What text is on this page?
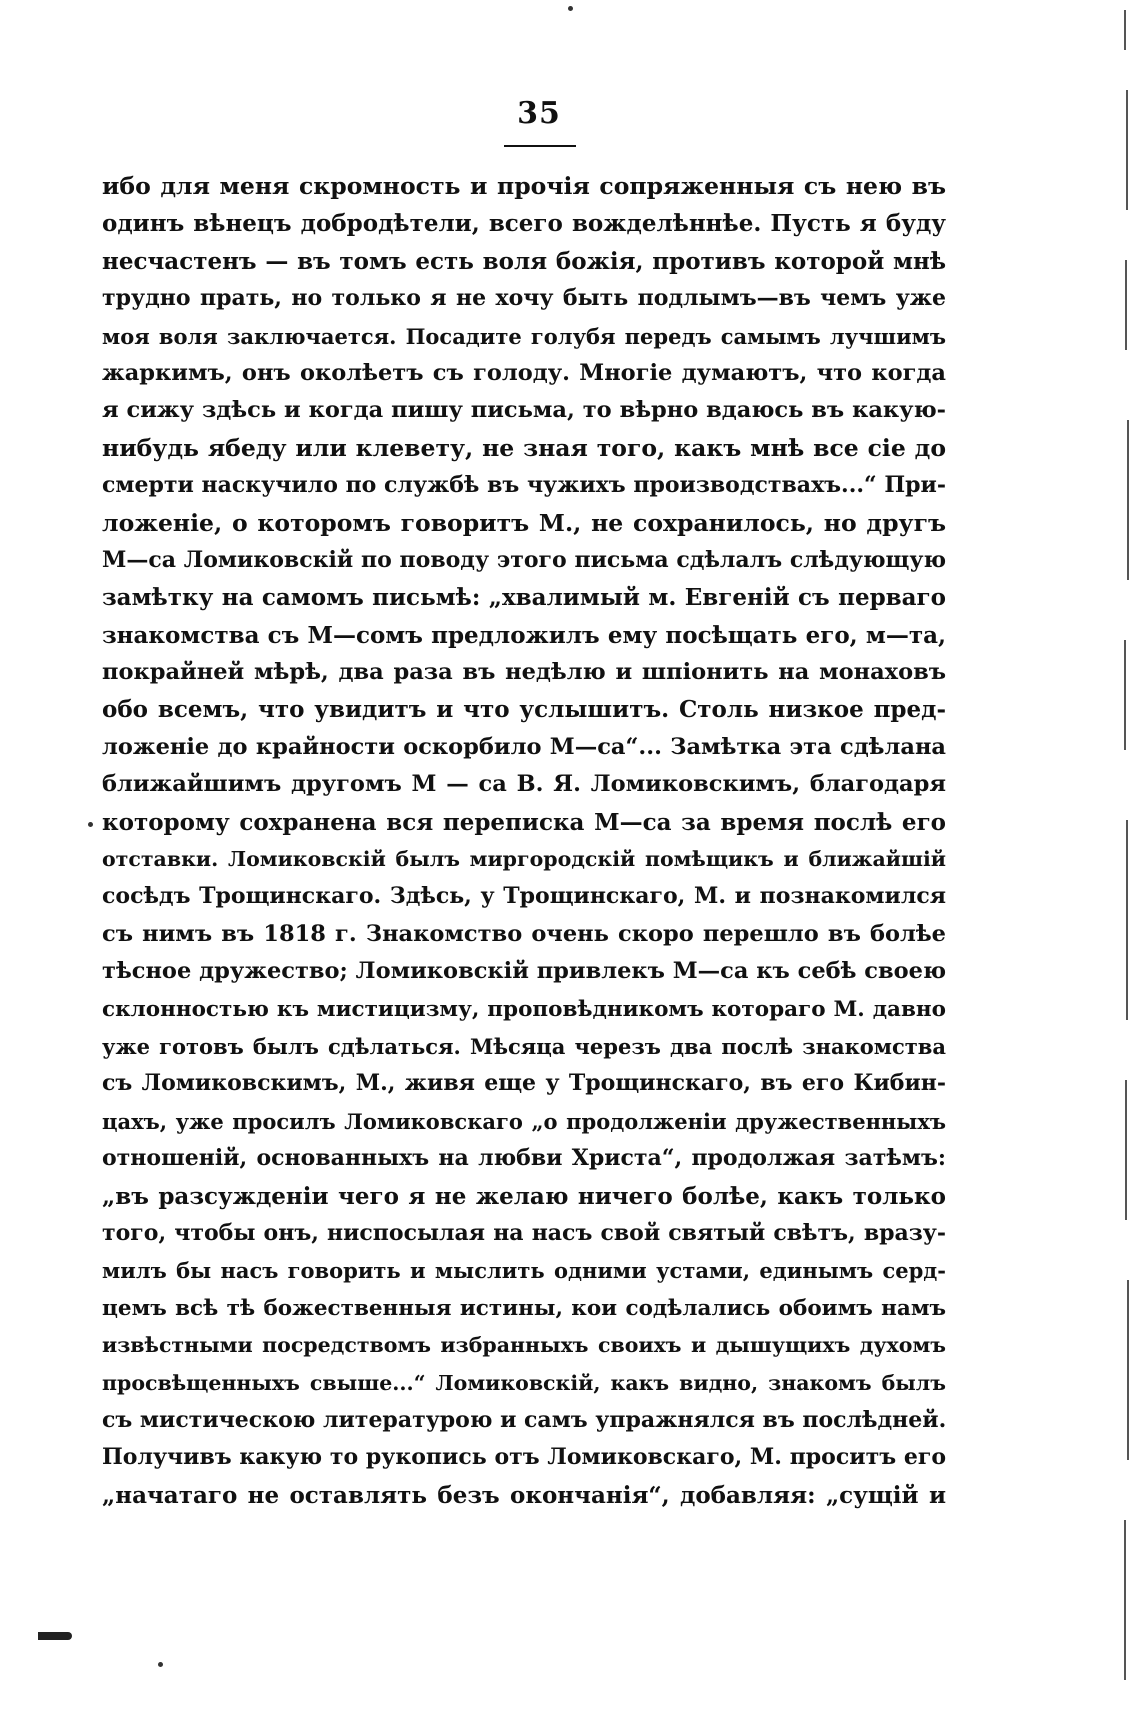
35
ибо для меня скромность и прочія сопряженныя съ нею въ
одинъ вѣнецъ добродѣтели, всего вожделѣннѣе. Пусть я буду
несчастенъ — въ томъ есть воля божія, противъ которой мнѣ
трудно прать, но только я не хочу быть подлымъ—въ чемъ уже
моя воля заключается. Посадите голубя передъ самымъ лучшимъ
жаркимъ, онъ околѣетъ съ голоду. Многіе думаютъ, что когда
я сижу здѣсь и когда пишу письма, то вѣрно вдаюсь въ какую-
нибудь ябеду или клевету, не зная того, какъ мнѣ все сіе до
смерти наскучило по службѣ въ чужихъ производствахъ...“ При-
ложеніе, о которомъ говоритъ М., не сохранилось, но другъ
М—са Ломиковскій по поводу этого письма сдѣлалъ слѣдующую
замѣтку на самомъ письмѣ: „хвалимый м. Евгеній съ перваго
знакомства съ М—сомъ предложилъ ему посѣщать его, м—та,
покрайней мѣрѣ, два раза въ недѣлю и шпіонить на монаховъ
обо всемъ, что увидитъ и что услышитъ. Столь низкое пред-
ложеніе до крайности оскорбило М—са“... Замѣтка эта сдѣлана
ближайшимъ другомъ М — са В. Я. Ломиковскимъ, благодаря
которому сохранена вся переписка М—са за время послѣ его
отставки. Ломиковскій былъ миргородскій помѣщикъ и ближайшій
сосѣдъ Трощинскаго. Здѣсь, у Трощинскаго, М. и познакомился
съ нимъ въ 1818 г. Знакомство очень скоро перешло въ болѣе
тѣсное дружество; Ломиковскій привлекъ М—са къ себѣ своею
склонностью къ мистицизму, проповѣдникомъ котораго М. давно
уже готовъ былъ сдѣлаться. Мѣсяца черезъ два послѣ знакомства
съ Ломиковскимъ, М., живя еще у Трощинскаго, въ его Кибин-
цахъ, уже просилъ Ломиковскаго „о продолженіи дружественныхъ
отношеній, основанныхъ на любви Христа“, продолжая затѣмъ:
„въ разсужденіи чего я не желаю ничего болѣе, какъ только
того, чтобы онъ, ниспосылая на насъ свой святый свѣтъ, вразу-
милъ бы насъ говорить и мыслить одними устами, единымъ серд-
цемъ всѣ тѣ божественныя истины, кои содѣлались обоимъ намъ
извѣстными посредствомъ избранныхъ своихъ и дышущихъ духомъ
просвѣщенныхъ свыше...“ Ломиковскій, какъ видно, знакомъ былъ
съ мистическою литературою и самъ упражнялся въ послѣдней.
Получивъ какую то рукопись отъ Ломиковскаго, М. проситъ его
„начатаго не оставлять безъ окончанія“, добавляя: „сущій и
